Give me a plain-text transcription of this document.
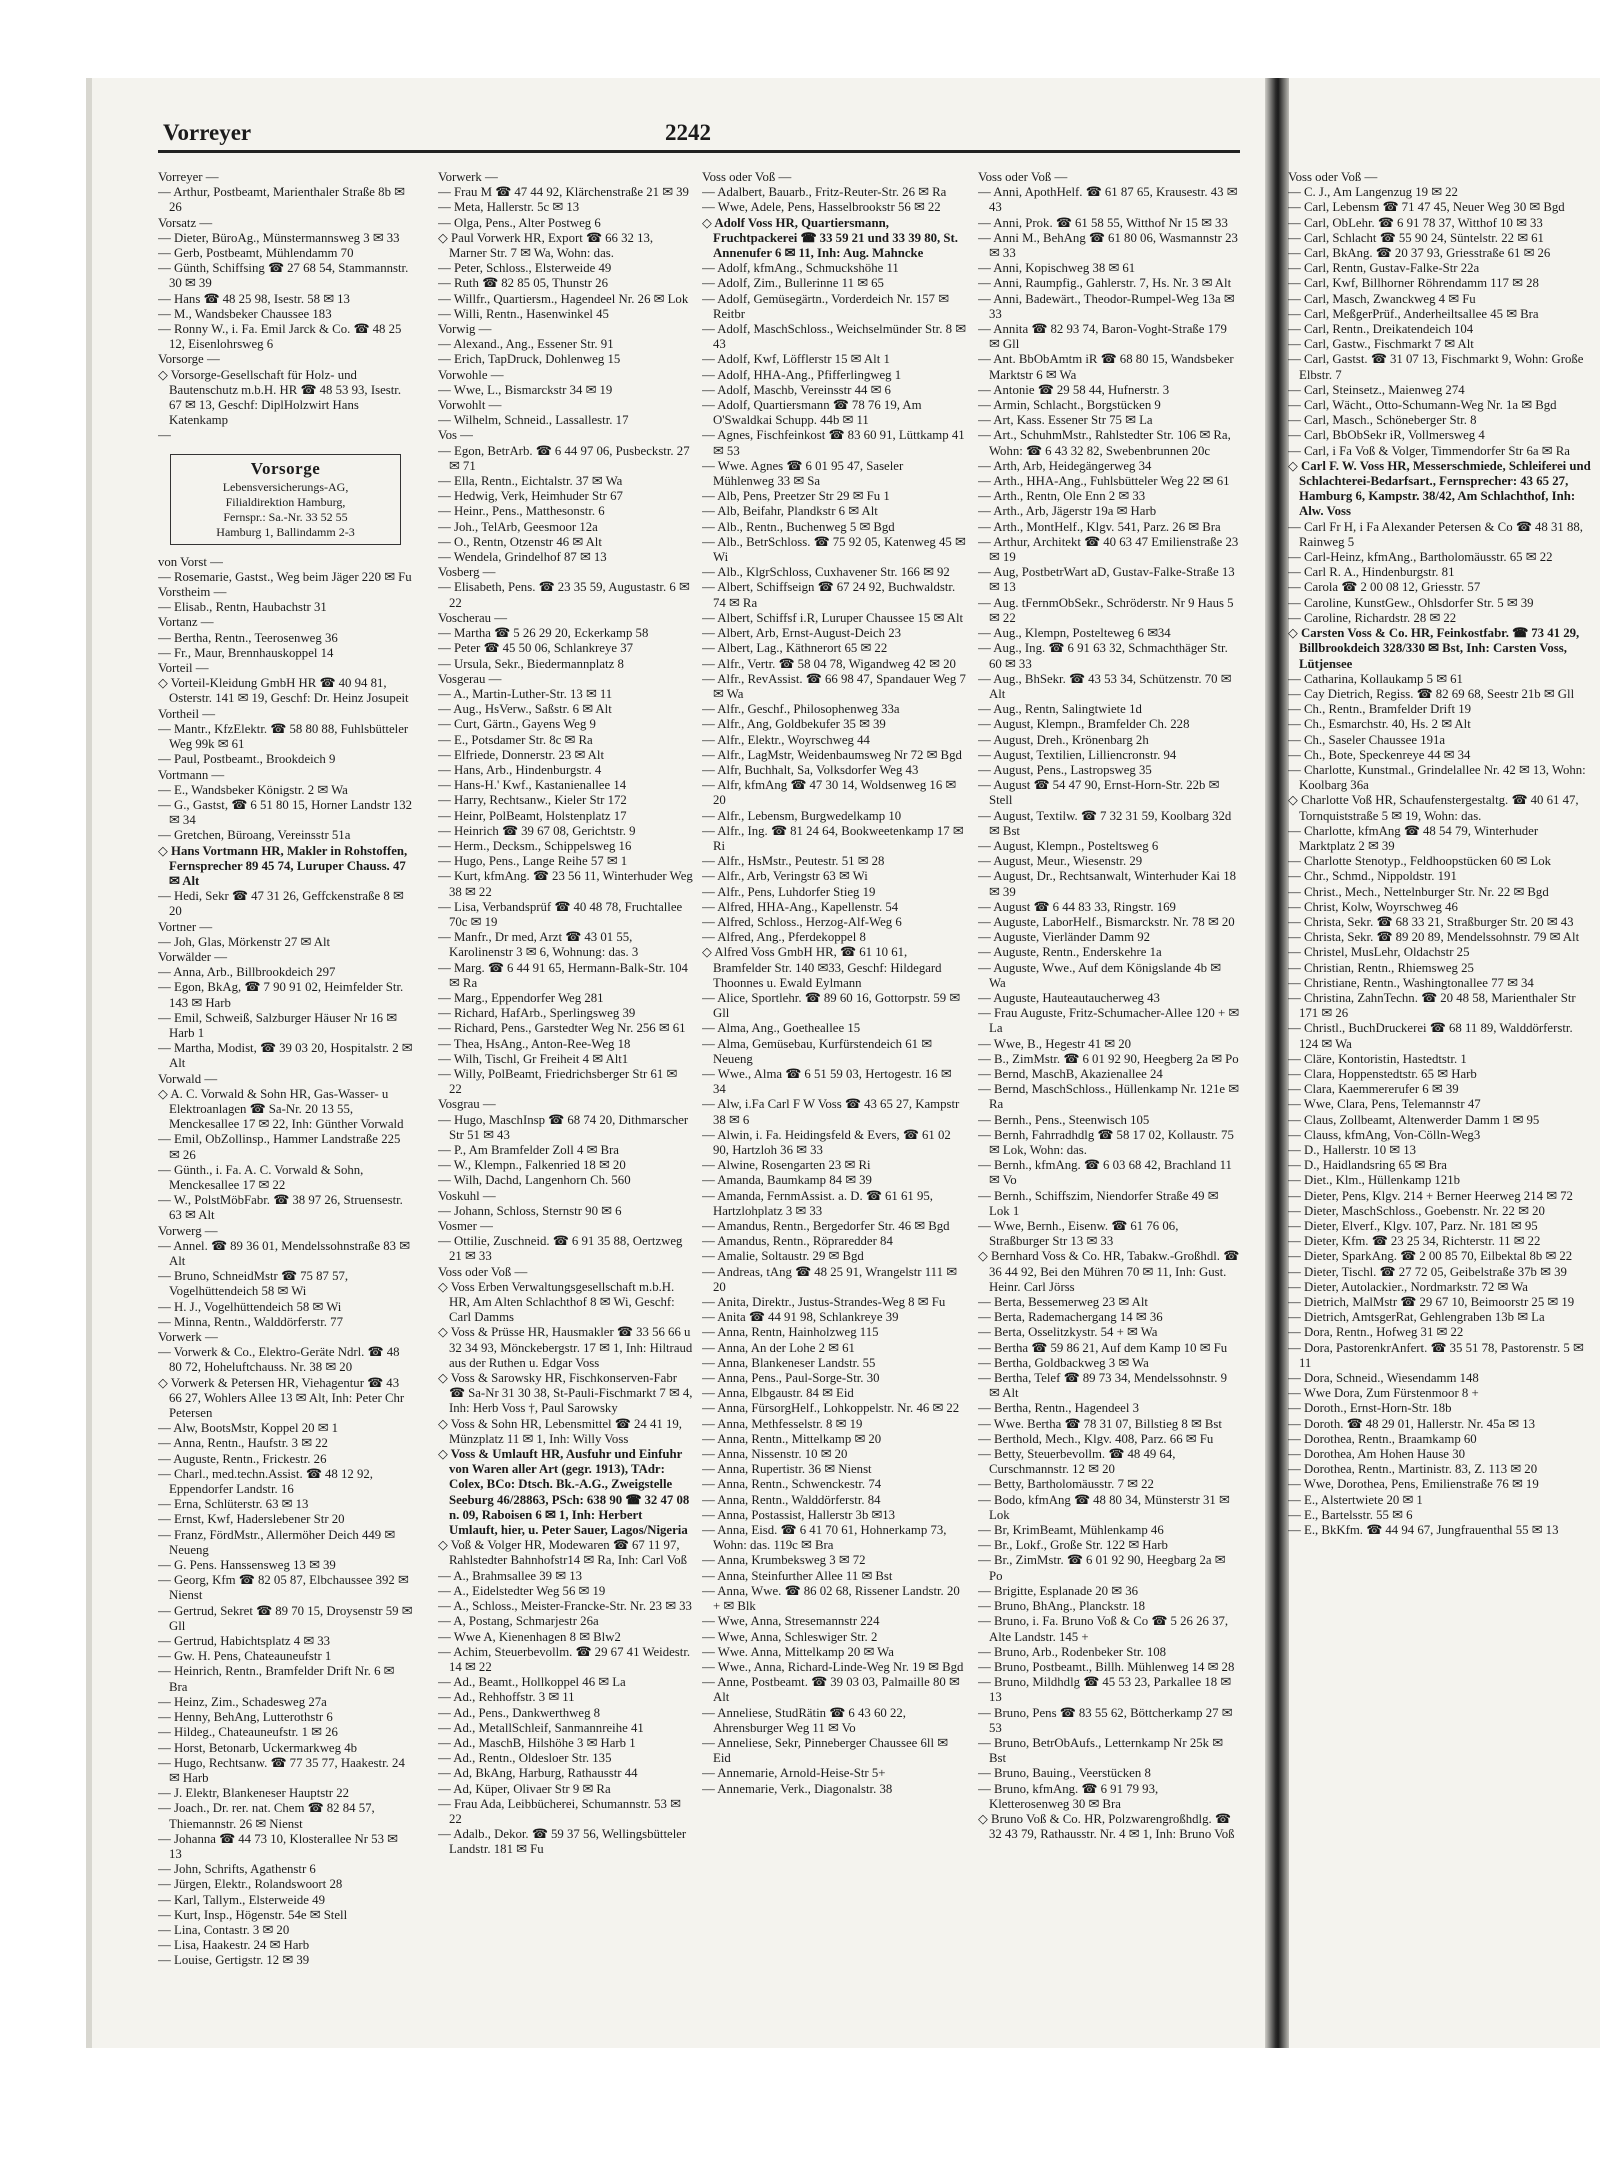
Vorreyer	2242

Vorreyer —

— Arthur, Postbeamt, Marienthaler Straße 8b ✉ 26

Vorsatz —

— Dieter, BüroAg., Münstermannsweg 3 ✉ 33

— Gerb, Postbeamt, Mühlendamm 70

— Günth, Schiffsing ☎ 27 68 54, Stammannstr. 30 ✉ 39

— Hans ☎ 48 25 98, Isestr. 58 ✉ 13

— M., Wandsbeker Chaussee 183

— Ronny W., i. Fa. Emil Jarck & Co. ☎ 48 25 12, Eisenlohrsweg 6

Vorsorge —

◇ Vorsorge-Gesellschaft für Holz- und Bautenschutz m.b.H. HR ☎ 48 53 93, Isestr. 67 ✉ 13, Geschf: DiplHolzwirt Hans Katenkamp

—

Vorsorge
Lebensversicherungs-AG,
Filialdirektion Hamburg,
Fernspr.: Sa.-Nr. 33 52 55
Hamburg 1, Ballindamm 2-3

von Vorst —

— Rosemarie, Gastst., Weg beim Jäger 220 ✉ Fu

Vorstheim —

— Elisab., Rentn, Haubachstr 31

Vortanz —

— Bertha, Rentn., Teerosenweg 36

— Fr., Maur, Brennhauskoppel 14

Vorteil —

◇ Vorteil-Kleidung GmbH HR ☎ 40 94 81, Osterstr. 141 ✉ 19, Geschf: Dr. Heinz Josupeit

Vortheil —

— Mantr., KfzElektr. ☎ 58 80 88, Fuhlsbütteler Weg 99k ✉ 61

— Paul, Postbeamt., Brookdeich 9

Vortmann —

— E., Wandsbeker Königstr. 2 ✉ Wa

— G., Gastst, ☎ 6 51 80 15, Horner Landstr 132 ✉ 34

— Gretchen, Büroang, Vereinsstr 51a

◇ Hans Vortmann HR, Makler in Rohstoffen, Fernsprecher 89 45 74, Luruper Chauss. 47 ✉ Alt

— Hedi, Sekr ☎ 47 31 26, Geffckenstraße 8 ✉ 20

Vortner —

— Joh, Glas, Mörkenstr 27 ✉ Alt

Vorwälder —

— Anna, Arb., Billbrookdeich 297

— Egon, BkAg, ☎ 7 90 91 02, Heimfelder Str. 143 ✉ Harb

— Emil, Schweiß, Salzburger Häuser Nr 16 ✉ Harb 1

— Martha, Modist, ☎ 39 03 20, Hospitalstr. 2 ✉ Alt

Vorwald —

◇ A. C. Vorwald & Sohn HR, Gas-Wasser- u Elektroanlagen ☎ Sa-Nr. 20 13 55, Menckesallee 17 ✉ 22, Inh: Günther Vorwald

— Emil, ObZollinsp., Hammer Landstraße 225 ✉ 26

— Günth., i. Fa. A. C. Vorwald & Sohn, Menckesallee 17 ✉ 22

— W., PolstMöbFabr. ☎ 38 97 26, Struensestr. 63 ✉ Alt

Vorwerg —

— Annel. ☎ 89 36 01, Mendelssohnstraße 83 ✉ Alt

— Bruno, SchneidMstr ☎ 75 87 57, Vogelhüttendeich 58 ✉ Wi

— H. J., Vogelhüttendeich 58 ✉ Wi

— Minna, Rentn., Walddörferstr. 77

Vorwerk —

— Vorwerk & Co., Elektro-Geräte Ndrl. ☎ 48 80 72, Hoheluftchauss. Nr. 38 ✉ 20

◇ Vorwerk & Petersen HR, Viehagentur ☎ 43 66 27, Wohlers Allee 13 ✉ Alt, Inh: Peter Chr Petersen

— Alw, BootsMstr, Koppel 20 ✉ 1

— Anna, Rentn., Haufstr. 3 ✉ 22

— Auguste, Rentn., Frickestr. 26

— Charl., med.techn.Assist. ☎ 48 12 92, Eppendorfer Landstr. 16

— Erna, Schlüterstr. 63 ✉ 13

— Ernst, Kwf, Haderslebener Str 20

— Franz, FördMstr., Allermöher Deich 449 ✉ Neueng

— G. Pens. Hanssensweg 13 ✉ 39

— Georg, Kfm ☎ 82 05 87, Elbchaussee 392 ✉ Nienst

— Gertrud, Sekret ☎ 89 70 15, Droysenstr 59 ✉ Gll

— Gertrud, Habichtsplatz 4 ✉ 33

— Gw. H. Pens, Chateauneufstr 1

— Heinrich, Rentn., Bramfelder Drift Nr. 6 ✉ Bra

— Heinz, Zim., Schadesweg 27a

— Henny, BehAng, Lutterothstr 6

— Hildeg., Chateauneufstr. 1 ✉ 26

— Horst, Betonarb, Uckermarkweg 4b

— Hugo, Rechtsanw. ☎ 77 35 77, Haakestr. 24 ✉ Harb

— J. Elektr, Blankeneser Hauptstr 22

— Joach., Dr. rer. nat. Chem ☎ 82 84 57, Thiemannstr. 26 ✉ Nienst

— Johanna ☎ 44 73 10, Klosterallee Nr 53 ✉ 13

— John, Schrifts, Agathenstr 6

— Jürgen, Elektr., Rolandswoort 28

— Karl, Tallym., Elsterweide 49

— Kurt, Insp., Högenstr. 54e ✉ Stell

— Lina, Contastr. 3 ✉ 20

— Lisa, Haakestr. 24 ✉ Harb

— Louise, Gertigstr. 12 ✉ 39

Vorwerk —

— Frau M ☎ 47 44 92, Klärchenstraße 21 ✉ 39

— Meta, Hallerstr. 5c ✉ 13

— Olga, Pens., Alter Postweg 6

◇ Paul Vorwerk HR, Export ☎ 66 32 13, Marner Str. 7 ✉ Wa, Wohn: das.

— Peter, Schloss., Elsterweide 49

— Ruth ☎ 82 85 05, Thunstr 26

— Willfr., Quartiersm., Hagendeel Nr. 26 ✉ Lok

— Willi, Rentn., Hasenwinkel 45

Vorwig —

— Alexand., Ang., Essener Str. 91

— Erich, TapDruck, Dohlenweg 15

Vorwohle —

— Wwe, L., Bismarckstr 34 ✉ 19

Vorwohlt —

— Wilhelm, Schneid., Lassallestr. 17

Vos —

— Egon, BetrArb. ☎ 6 44 97 06, Pusbeckstr. 27 ✉ 71

— Ella, Rentn., Eichtalstr. 37 ✉ Wa

— Hedwig, Verk, Heimhuder Str 67

— Heinr., Pens., Matthesonstr. 6

— Joh., TelArb, Geesmoor 12a

— O., Rentn, Otzenstr 46 ✉ Alt

— Wendela, Grindelhof 87 ✉ 13

Vosberg —

— Elisabeth, Pens. ☎ 23 35 59, Augustastr. 6 ✉ 22

Voscherau —

— Martha ☎ 5 26 29 20, Eckerkamp 58

— Peter ☎ 45 50 06, Schlankreye 37

— Ursula, Sekr., Biedermannplatz 8

Vosgerau —

— A., Martin-Luther-Str. 13 ✉ 11

— Aug., HsVerw., Saßstr. 6 ✉ Alt

— Curt, Gärtn., Gayens Weg 9

— E., Potsdamer Str. 8c ✉ Ra

— Elfriede, Donnerstr. 23 ✉ Alt

— Hans, Arb., Hindenburgstr. 4

— Hans-H.' Kwf., Kastanienallee 14

— Harry, Rechtsanw., Kieler Str 172

— Heinr, PolBeamt, Holstenplatz 17

— Heinrich ☎ 39 67 08, Gerichtstr. 9

— Herm., Decksm., Schippelsweg 16

— Hugo, Pens., Lange Reihe 57 ✉ 1

— Kurt, kfmAng. ☎ 23 56 11, Winterhuder Weg 38 ✉ 22

— Lisa, Verbandsprüf ☎ 40 48 78, Fruchtallee 70c ✉ 19

— Manfr., Dr med, Arzt ☎ 43 01 55, Karolinenstr 3 ✉ 6, Wohnung: das. 3

— Marg. ☎ 6 44 91 65, Hermann-Balk-Str. 104 ✉ Ra

— Marg., Eppendorfer Weg 281

— Richard, HafArb., Sperlingsweg 39

— Richard, Pens., Garstedter Weg Nr. 256 ✉ 61

— Thea, HsAng., Anton-Ree-Weg 18

— Wilh, Tischl, Gr Freiheit 4 ✉ Alt1

— Willy, PolBeamt, Friedrichsberger Str 61 ✉ 22

Vosgrau —

— Hugo, MaschInsp ☎ 68 74 20, Dithmarscher Str 51 ✉ 43

— P., Am Bramfelder Zoll 4 ✉ Bra

— W., Klempn., Falkenried 18 ✉ 20

— Wilh, Dachd, Langenhorn Ch. 560

Voskuhl —

— Johann, Schloss, Sternstr 90 ✉ 6

Vosmer —

— Ottilie, Zuschneid. ☎ 6 91 35 88, Oertzweg 21 ✉ 33

Voss oder Voß —

◇ Voss Erben Verwaltungsgesellschaft m.b.H. HR, Am Alten Schlachthof 8 ✉ Wi, Geschf: Carl Damms

◇ Voss & Prüsse HR, Hausmakler ☎ 33 56 66 u 32 34 93, Mönckebergstr. 17 ✉ 1, Inh: Hiltraud aus der Ruthen u. Edgar Voss

◇ Voss & Sarowsky HR, Fischkonserven-Fabr ☎ Sa-Nr 31 30 38, St-Pauli-Fischmarkt 7 ✉ 4, Inh: Herb Voss †, Paul Sarowsky

◇ Voss & Sohn HR, Lebensmittel ☎ 24 41 19, Münzplatz 11 ✉ 1, Inh: Willy Voss

◇ Voss & Umlauft HR, Ausfuhr und Einfuhr von Waren aller Art (gegr. 1913), TAdr: Colex, BCo: Dtsch. Bk.-A.G., Zweigstelle Seeburg 46/28863, PSch: 638 90 ☎ 32 47 08 n. 09, Raboisen 6 ✉ 1, Inh: Herbert Umlauft, hier, u. Peter Sauer, Lagos/Nigeria

◇ Voß & Volger HR, Modewaren ☎ 67 11 97, Rahlstedter Bahnhofstr14 ✉ Ra, Inh: Carl Voß

— A., Brahmsallee 39 ✉ 13

— A., Eidelstedter Weg 56 ✉ 19

— A., Schloss., Meister-Francke-Str. Nr. 23 ✉ 33

— A, Postang, Schmarjestr 26a

— Wwe A, Kienenhagen 8 ✉ Blw2

— Achim, Steuerbevollm. ☎ 29 67 41 Weidestr. 14 ✉ 22

— Ad., Beamt., Hollkoppel 46 ✉ La

— Ad., Rehhoffstr. 3 ✉ 11

— Ad., Pens., Dankwerthweg 8

— Ad., MetallSchleif, Sanmannreihe 41

— Ad., MaschB, Hilshöhe 3 ✉ Harb 1

— Ad., Rentn., Oldesloer Str. 135

— Ad, BkAng, Harburg, Rathausstr 44

— Ad, Küper, Olivaer Str 9 ✉ Ra

— Frau Ada, Leibbücherei, Schumannstr. 53 ✉ 22

— Adalb., Dekor. ☎ 59 37 56, Wellingsbütteler Landstr. 181 ✉ Fu

Voss oder Voß —

— Adalbert, Bauarb., Fritz-Reuter-Str. 26 ✉ Ra

— Wwe, Adele, Pens, Hasselbrookstr 56 ✉ 22

◇ Adolf Voss HR, Quartiersmann, Fruchtpackerei ☎ 33 59 21 und 33 39 80, St. Annenufer 6 ✉ 11, Inh: Aug. Mahncke

— Adolf, kfmAng., Schmuckshöhe 11

— Adolf, Zim., Bullerinne 11 ✉ 65

— Adolf, Gemüsegärtn., Vorderdeich Nr. 157 ✉ Reitbr

— Adolf, MaschSchloss., Weichselmünder Str. 8 ✉ 43

— Adolf, Kwf, Löfflerstr 15 ✉ Alt 1

— Adolf, HHA-Ang., Pfifferlingweg 1

— Adolf, Maschb, Vereinsstr 44 ✉ 6

— Adolf, Quartiersmann ☎ 78 76 19, Am O'Swaldkai Schupp. 44b ✉ 11

— Agnes, Fischfeinkost ☎ 83 60 91, Lüttkamp 41 ✉ 53

— Wwe. Agnes ☎ 6 01 95 47, Saseler Mühlenweg 33 ✉ Sa

— Alb, Pens, Preetzer Str 29 ✉ Fu 1

— Alb, Beifahr, Plandkstr 6 ✉ Alt

— Alb., Rentn., Buchenweg 5 ✉ Bgd

— Alb., BetrSchloss. ☎ 75 92 05, Katenweg 45 ✉ Wi

— Alb., KlgrSchloss, Cuxhavener Str. 166 ✉ 92

— Albert, Schiffseign ☎ 67 24 92, Buchwaldstr. 74 ✉ Ra

— Albert, Schiffsf i.R, Luruper Chaussee 15 ✉ Alt

— Albert, Arb, Ernst-August-Deich 23

— Albert, Lag., Käthnerort 65 ✉ 22

— Alfr., Vertr. ☎ 58 04 78, Wigandweg 42 ✉ 20

— Alfr., RevAssist. ☎ 66 98 47, Spandauer Weg 7 ✉ Wa

— Alfr., Geschf., Philosophenweg 33a

— Alfr., Ang, Goldbekufer 35 ✉ 39

— Alfr., Elektr., Woyrschweg 44

— Alfr., LagMstr, Weidenbaumsweg Nr 72 ✉ Bgd

— Alfr, Buchhalt, Sa, Volksdorfer Weg 43

— Alfr, kfmAng ☎ 47 30 14, Woldsenweg 16 ✉ 20

— Alfr., Lebensm, Burgwedelkamp 10

— Alfr., Ing. ☎ 81 24 64, Bookweetenkamp 17 ✉ Ri

— Alfr., HsMstr., Peutestr. 51 ✉ 28

— Alfr., Arb, Veringstr 63 ✉ Wi

— Alfr., Pens, Luhdorfer Stieg 19

— Alfred, HHA-Ang., Kapellenstr. 54

— Alfred, Schloss., Herzog-Alf-Weg 6

— Alfred, Ang., Pferdekoppel 8

◇ Alfred Voss GmbH HR, ☎ 61 10 61, Bramfelder Str. 140 ✉33, Geschf: Hildegard Thoonnes u. Ewald Eylmann

— Alice, Sportlehr. ☎ 89 60 16, Gottorpstr. 59 ✉ Gll

— Alma, Ang., Goetheallee 15

— Alma, Gemüsebau, Kurfürstendeich 61 ✉ Neueng

— Wwe., Alma ☎ 6 51 59 03, Hertogestr. 16 ✉ 34

— Alw, i.Fa Carl F W Voss ☎ 43 65 27, Kampstr 38 ✉ 6

— Alwin, i. Fa. Heidingsfeld & Evers, ☎ 61 02 90, Hartzloh 36 ✉ 33

— Alwine, Rosengarten 23 ✉ Ri

— Amanda, Baumkamp 84 ✉ 39

— Amanda, FernmAssist. a. D. ☎ 61 61 95, Hartzlohplatz 3 ✉ 33

— Amandus, Rentn., Bergedorfer Str. 46 ✉ Bgd

— Amandus, Rentn., Röpraredder 84

— Amalie, Soltaustr. 29 ✉ Bgd

— Andreas, tAng ☎ 48 25 91, Wrangelstr 111 ✉ 20

— Anita, Direktr., Justus-Strandes-Weg 8 ✉ Fu

— Anita ☎ 44 91 98, Schlankreye 39

— Anna, Rentn, Hainholzweg 115

— Anna, An der Lohe 2 ✉ 61

— Anna, Blankeneser Landstr. 55

— Anna, Pens., Paul-Sorge-Str. 30

— Anna, Elbgaustr. 84 ✉ Eid

— Anna, FürsorgHelf., Lohkoppelstr. Nr. 46 ✉ 22

— Anna, Methfesselstr. 8 ✉ 19

— Anna, Rentn., Mittelkamp ✉ 20

— Anna, Nissenstr. 10 ✉ 20

— Anna, Rupertistr. 36 ✉ Nienst

— Anna, Rentn., Schwenckestr. 74

— Anna, Rentn., Walddörferstr. 84

— Anna, Postassist, Hallerstr 3b ✉13

— Anna, Eisd. ☎ 6 41 70 61, Hohnerkamp 73, Wohn: das. 119c ✉ Bra

— Anna, Krumbeksweg 3 ✉ 72

— Anna, Steinfurther Allee 11 ✉ Bst

— Anna, Wwe. ☎ 86 02 68, Rissener Landstr. 20 + ✉ Blk

— Wwe, Anna, Stresemannstr 224

— Wwe, Anna, Schleswiger Str. 2

— Wwe. Anna, Mittelkamp 20 ✉ Wa

— Wwe., Anna, Richard-Linde-Weg Nr. 19 ✉ Bgd

— Anne, Postbeamt. ☎ 39 03 03, Palmaille 80 ✉ Alt

— Anneliese, StudRätin ☎ 6 43 60 22, Ahrensburger Weg 11 ✉ Vo

— Anneliese, Sekr, Pinneberger Chaussee 6ll ✉ Eid

— Annemarie, Arnold-Heise-Str 5+

— Annemarie, Verk., Diagonalstr. 38

Voss oder Voß —

— Anni, ApothHelf. ☎ 61 87 65, Krausestr. 43 ✉ 43

— Anni, Prok. ☎ 61 58 55, Witthof Nr 15 ✉ 33

— Anni M., BehAng ☎ 61 80 06, Wasmannstr 23 ✉ 33

— Anni, Kopischweg 38 ✉ 61

— Anni, Raumpfig., Gahlerstr. 7, Hs. Nr. 3 ✉ Alt

— Anni, Badewärt., Theodor-Rumpel-Weg 13a ✉ 33

— Annita ☎ 82 93 74, Baron-Voght-Straße 179 ✉ Gll

— Ant. BbObAmtm iR ☎ 68 80 15, Wandsbeker Marktstr 6 ✉ Wa

— Antonie ☎ 29 58 44, Hufnerstr. 3

— Armin, Schlacht., Borgstücken 9

— Art, Kass. Essener Str 75 ✉ La

— Art., SchuhmMstr., Rahlstedter Str. 106 ✉ Ra, Wohn: ☎ 6 43 32 82, Swebenbrunnen 20c

— Arth, Arb, Heidegängerweg 34

— Arth., HHA-Ang., Fuhlsbütteler Weg 22 ✉ 61

— Arth., Rentn, Ole Enn 2 ✉ 33

— Arth., Arb, Jägerstr 19a ✉ Harb

— Arth., MontHelf., Klgv. 541, Parz. 26 ✉ Bra

— Arthur, Architekt ☎ 40 63 47 Emilienstraße 23 ✉ 19

— Aug, PostbetrWart aD, Gustav-Falke-Straße 13 ✉ 13

— Aug. tFernmObSekr., Schröderstr. Nr 9 Haus 5 ✉ 22

— Aug., Klempn, Postelteweg 6 ✉34

— Aug., Ing. ☎ 6 91 63 32, Schmachthäger Str. 60 ✉ 33

— Aug., BhSekr. ☎ 43 53 34, Schützenstr. 70 ✉ Alt

— Aug., Rentn, Salingtwiete 1d

— August, Klempn., Bramfelder Ch. 228

— August, Dreh., Krönenbarg 2h

— August, Textilien, Lilliencronstr. 94

— August, Pens., Lastropsweg 35

— August ☎ 54 47 90, Ernst-Horn-Str. 22b ✉ Stell

— August, Textilw. ☎ 7 32 31 59, Koolbarg 32d ✉ Bst

— August, Klempn., Posteltsweg 6

— August, Meur., Wiesenstr. 29

— August, Dr., Rechtsanwalt, Winterhuder Kai 18 ✉ 39

— August ☎ 6 44 83 33, Ringstr. 169

— Auguste, LaborHelf., Bismarckstr. Nr. 78 ✉ 20

— Auguste, Vierländer Damm 92

— Auguste, Rentn., Enderskehre 1a

— Auguste, Wwe., Auf dem Königslande 4b ✉ Wa

— Auguste, Hauteautaucherweg 43

— Frau Auguste, Fritz-Schumacher-Allee 120 + ✉ La

— Wwe, B., Hegestr 41 ✉ 20

— B., ZimMstr. ☎ 6 01 92 90, Heegberg 2a ✉ Po

— Bernd, MaschB, Akazienallee 24

— Bernd, MaschSchloss., Hüllenkamp Nr. 121e ✉ Ra

— Bernh., Pens., Steenwisch 105

— Bernh, Fahrradhdlg ☎ 58 17 02, Kollaustr. 75 ✉ Lok, Wohn: das.

— Bernh., kfmAng. ☎ 6 03 68 42, Brachland 11 ✉ Vo

— Bernh., Schiffszim, Niendorfer Straße 49 ✉ Lok 1

— Wwe, Bernh., Eisenw. ☎ 61 76 06, Straßburger Str 13 ✉ 33

◇ Bernhard Voss & Co. HR, Tabakw.-Großhdl. ☎ 36 44 92, Bei den Mühren 70 ✉ 11, Inh: Gust. Heinr. Carl Jörss

— Berta, Bessemerweg 23 ✉ Alt

— Berta, Rademachergang 14 ✉ 36

— Berta, Osselitzkystr. 54 + ✉ Wa

— Bertha ☎ 59 86 21, Auf dem Kamp 10 ✉ Fu

— Bertha, Goldbackweg 3 ✉ Wa

— Bertha, Telef ☎ 89 73 34, Mendelssohnstr. 9 ✉ Alt

— Bertha, Rentn., Hagendeel 3

— Wwe. Bertha ☎ 78 31 07, Billstieg 8 ✉ Bst

— Berthold, Mech., Klgv. 408, Parz. 66 ✉ Fu

— Betty, Steuerbevollm. ☎ 48 49 64, Curschmannstr. 12 ✉ 20

— Betty, Bartholomäusstr. 7 ✉ 22

— Bodo, kfmAng ☎ 48 80 34, Münsterstr 31 ✉ Lok

— Br, KrimBeamt, Mühlenkamp 46

— Br., Lokf., Große Str. 122 ✉ Harb

— Br., ZimMstr. ☎ 6 01 92 90, Heegbarg 2a ✉ Po

— Brigitte, Esplanade 20 ✉ 36

— Bruno, BhAng., Planckstr. 18

— Bruno, i. Fa. Bruno Voß & Co ☎ 5 26 26 37, Alte Landstr. 145 +

— Bruno, Arb., Rodenbeker Str. 108

— Bruno, Postbeamt., Billh. Mühlenweg 14 ✉ 28

— Bruno, Mildhdlg ☎ 45 53 23, Parkallee 18 ✉ 13

— Bruno, Pens ☎ 83 55 62, Böttcherkamp 27 ✉ 53

— Bruno, BetrObAufs., Letternkamp Nr 25k ✉ Bst

— Bruno, Bauing., Veerstücken 8

— Bruno, kfmAng. ☎ 6 91 79 93, Kletterosenweg 30 ✉ Bra

◇ Bruno Voß & Co. HR, Polzwarengroßhdlg. ☎ 32 43 79, Rathausstr. Nr. 4 ✉ 1, Inh: Bruno Voß

Voss oder Voß —

— C. J., Am Langenzug 19 ✉ 22

— Carl, Lebensm ☎ 71 47 45, Neuer Weg 30 ✉ Bgd

— Carl, ObLehr. ☎ 6 91 78 37, Witthof 10 ✉ 33

— Carl, Schlacht ☎ 55 90 24, Süntelstr. 22 ✉ 61

— Carl, BkAng. ☎ 20 37 93, Griesstraße 61 ✉ 26

— Carl, Rentn, Gustav-Falke-Str 22a

— Carl, Kwf, Billhorner Röhrendamm 117 ✉ 28

— Carl, Masch, Zwanckweg 4 ✉ Fu

— Carl, MeßgerPrüf., Anderheiltsallee 45 ✉ Bra

— Carl, Rentn., Dreikatendeich 104

— Carl, Gastw., Fischmarkt 7 ✉ Alt

— Carl, Gastst. ☎ 31 07 13, Fischmarkt 9, Wohn: Große Elbstr. 7

— Carl, Steinsetz., Maienweg 274

— Carl, Wächt., Otto-Schumann-Weg Nr. 1a ✉ Bgd

— Carl, Masch., Schöneberger Str. 8

— Carl, BbObSekr iR, Vollmersweg 4

— Carl, i Fa Voß & Volger, Timmendorfer Str 6a ✉ Ra

◇ Carl F. W. Voss HR, Messerschmiede, Schleiferei und Schlachterei-Bedarfsart., Fernsprecher: 43 65 27, Hamburg 6, Kampstr. 38/42, Am Schlachthof, Inh: Alw. Voss

— Carl Fr H, i Fa Alexander Petersen & Co ☎ 48 31 88, Rainweg 5

— Carl-Heinz, kfmAng., Bartholomäusstr. 65 ✉ 22

— Carl R. A., Hindenburgstr. 81

— Carola ☎ 2 00 08 12, Griesstr. 57

— Caroline, KunstGew., Ohlsdorfer Str. 5 ✉ 39

— Caroline, Richardstr. 28 ✉ 22

◇ Carsten Voss & Co. HR, Feinkostfabr. ☎ 73 41 29, Billbrookdeich 328/330 ✉ Bst, Inh: Carsten Voss, Lütjensee

— Catharina, Kollaukamp 5 ✉ 61

— Cay Dietrich, Regiss. ☎ 82 69 68, Seestr 21b ✉ Gll

— Ch., Rentn., Bramfelder Drift 19

— Ch., Esmarchstr. 40, Hs. 2 ✉ Alt

— Ch., Saseler Chaussee 191a

— Ch., Bote, Speckenreye 44 ✉ 34

— Charlotte, Kunstmal., Grindelallee Nr. 42 ✉ 13, Wohn: Koolbarg 36a

◇ Charlotte Voß HR, Schaufenstergestaltg. ☎ 40 61 47, Tornquiststraße 5 ✉ 19, Wohn: das.

— Charlotte, kfmAng ☎ 48 54 79, Winterhuder Marktplatz 2 ✉ 39

— Charlotte Stenotyp., Feldhoopstücken 60 ✉ Lok

— Chr., Schmd., Nippoldstr. 191

— Christ., Mech., Nettelnburger Str. Nr. 22 ✉ Bgd

— Christ, Kolw, Woyrschweg 46

— Christa, Sekr. ☎ 68 33 21, Straßburger Str. 20 ✉ 43

— Christa, Sekr. ☎ 89 20 89, Mendelssohnstr. 79 ✉ Alt

— Christel, MusLehr, Oldachstr 25

— Christian, Rentn., Rhiemsweg 25

— Christiane, Rentn., Washingtonallee 77 ✉ 34

— Christina, ZahnTechn. ☎ 20 48 58, Marienthaler Str 171 ✉ 26

— Christl., BuchDruckerei ☎ 68 11 89, Walddörferstr. 124 ✉ Wa

— Cläre, Kontoristin, Hastedtstr. 1

— Clara, Hoppenstedtstr. 65 ✉ Harb

— Clara, Kaemmererufer 6 ✉ 39

— Wwe, Clara, Pens, Telemannstr 47

— Claus, Zollbeamt, Altenwerder Damm 1 ✉ 95

— Clauss, kfmAng, Von-Cölln-Weg3

— D., Hallerstr. 10 ✉ 13

— D., Haidlandsring 65 ✉ Bra

— Diet., Klm., Hüllenkamp 121b

— Dieter, Pens, Klgv. 214 + Berner Heerweg 214 ✉ 72

— Dieter, MaschSchloss., Goebenstr. Nr. 22 ✉ 20

— Dieter, Elverf., Klgv. 107, Parz. Nr. 181 ✉ 95

— Dieter, Kfm. ☎ 23 25 34, Richterstr. 11 ✉ 22

— Dieter, SparkAng. ☎ 2 00 85 70, Eilbektal 8b ✉ 22

— Dieter, Tischl. ☎ 27 72 05, Geibelstraße 37b ✉ 39

— Dieter, Autolackier., Nordmarkstr. 72 ✉ Wa

— Dietrich, MalMstr ☎ 29 67 10, Beimoorstr 25 ✉ 19

— Dietrich, AmtsgerRat, Gehlengraben 13b ✉ La

— Dora, Rentn., Hofweg 31 ✉ 22

— Dora, PastorenkrAnfert. ☎ 35 51 78, Pastorenstr. 5 ✉ 11

— Dora, Schneid., Wiesendamm 148

— Wwe Dora, Zum Fürstenmoor 8 +

— Doroth., Ernst-Horn-Str. 18b

— Doroth. ☎ 48 29 01, Hallerstr. Nr. 45a ✉ 13

— Dorothea, Rentn., Braamkamp 60

— Dorothea, Am Hohen Hause 30

— Dorothea, Rentn., Martinistr. 83, Z. 113 ✉ 20

— Wwe, Dorothea, Pens, Emilienstraße 76 ✉ 19

— E., Alstertwiete 20 ✉ 1

— E., Bartelsstr. 55 ✉ 6

— E., BkKfm. ☎ 44 94 67, Jungfrauenthal 55 ✉ 13
